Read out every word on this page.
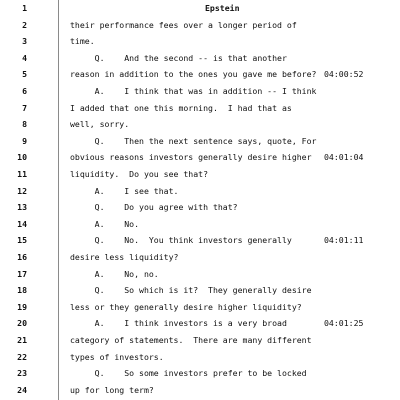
1	Epstein
2	their performance fees over a longer period of
3	time.
4	Q.    And the second -- is that another
5	reason in addition to the ones you gave me before? 04:00:52
6	A.    I think that was in addition -- I think
7	I added that one this morning.  I had that as
8	well, sorry.
9	Q.    Then the next sentence says, quote, For
10	obvious reasons investors generally desire higher 04:01:04
11	liquidity.  Do you see that?
12	A.    I see that.
13	Q.    Do you agree with that?
14	A.    No.
15	Q.    No.  You think investors generally	04:01:11
16	desire less liquidity?
17	A.    No, no.
18	Q.    So which is it?  They generally desire
19	less or they generally desire higher liquidity?
20	A.    I think investors is a very broad	04:01:25
21	category of statements.  There are many different
22	types of investors.
23	Q.    So some investors prefer to be locked
24	up for long term?
